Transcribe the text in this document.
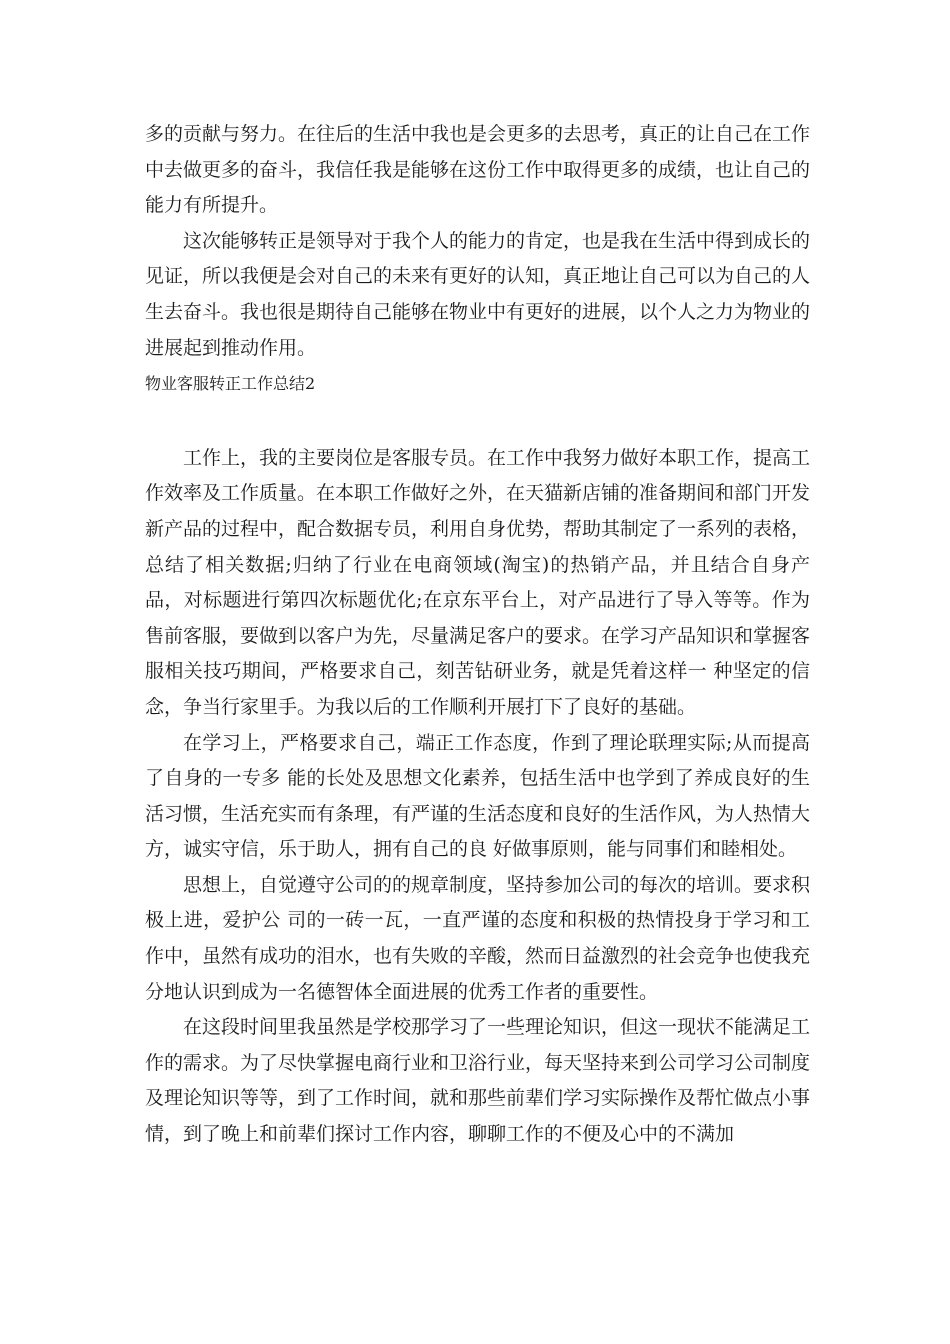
多的贡献与努力。在往后的生活中我也是会更多的去思考，真正的让自己在工作中去做更多的奋斗，我信任我是能够在这份工作中取得更多的成绩，也让自己的能力有所提升。

这次能够转正是领导对于我个人的能力的肯定，也是我在生活中得到成长的见证，所以我便是会对自己的未来有更好的认知，真正地让自己可以为自己的人生去奋斗。我也很是期待自己能够在物业中有更好的进展，以个人之力为物业的进展起到推动作用。

物业客服转正工作总结2

工作上，我的主要岗位是客服专员。在工作中我努力做好本职工作，提高工作效率及工作质量。在本职工作做好之外，在天猫新店铺的准备期间和部门开发新产品的过程中，配合数据专员，利用自身优势，帮助其制定了一系列的表格，总结了相关数据;归纳了行业在电商领域(淘宝)的热销产品，并且结合自身产品，对标题进行第四次标题优化;在京东平台上，对产品进行了导入等等。作为售前客服，要做到以客户为先，尽量满足客户的要求。在学习产品知识和掌握客服相关技巧期间，严格要求自己，刻苦钻研业务，就是凭着这样一 种坚定的信念，争当行家里手。为我以后的工作顺利开展打下了良好的基础。

在学习上，严格要求自己，端正工作态度，作到了理论联理实际;从而提高了自身的一专多 能的长处及思想文化素养，包括生活中也学到了养成良好的生活习惯，生活充实而有条理，有严谨的生活态度和良好的生活作风，为人热情大方，诚实守信，乐于助人，拥有自己的良 好做事原则，能与同事们和睦相处。

思想上，自觉遵守公司的的规章制度，坚持参加公司的每次的培训。要求积极上进，爱护公 司的一砖一瓦，一直严谨的态度和积极的热情投身于学习和工作中，虽然有成功的泪水，也有失败的辛酸，然而日益激烈的社会竞争也使我充分地认识到成为一名德智体全面进展的优秀工作者的重要性。

在这段时间里我虽然是学校那学习了一些理论知识，但这一现状不能满足工作的需求。为了尽快掌握电商行业和卫浴行业，每天坚持来到公司学习公司制度及理论知识等等，到了工作时间，就和那些前辈们学习实际操作及帮忙做点小事情，到了晚上和前辈们探讨工作内容，聊聊工作的不便及心中的不满加
